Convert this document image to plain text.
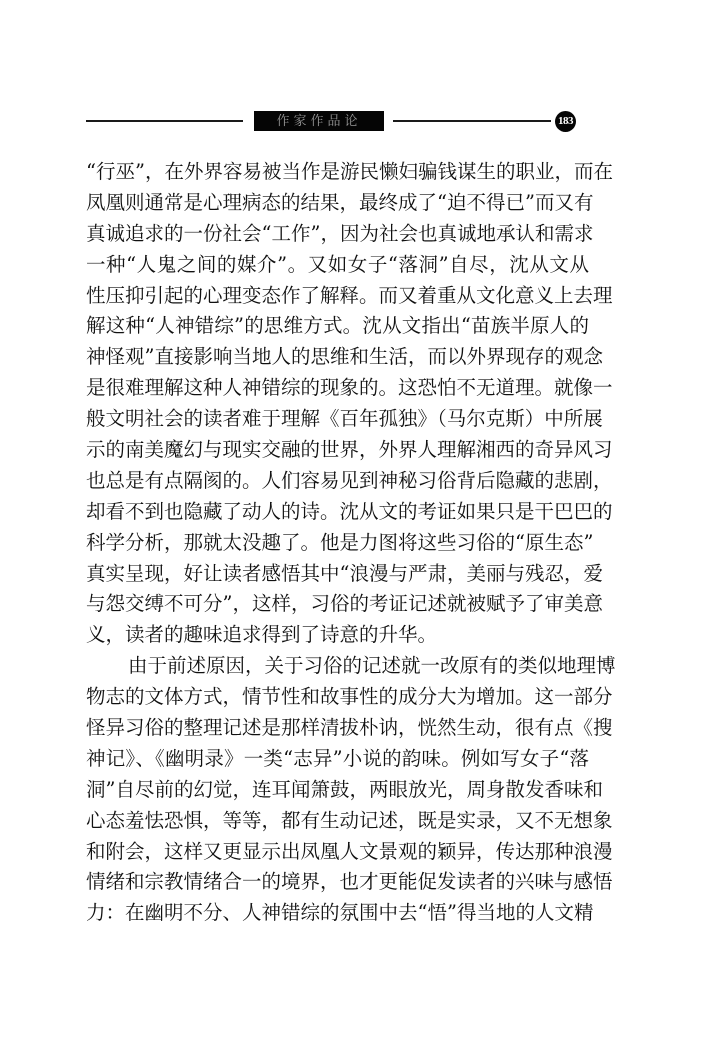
作家作品论	183
“行巫”，在外界容易被当作是游民懒妇骗钱谋生的职业，而在
凤凰则通常是心理病态的结果，最终成了“迫不得已”而又有
真诚追求的一份社会“工作”，因为社会也真诚地承认和需求
一种“人鬼之间的媒介”。又如女子“落洞”自尽，沈从文从
性压抑引起的心理变态作了解释。而又着重从文化意义上去理
解这种“人神错综”的思维方式。沈从文指出“苗族半原人的
神怪观”直接影响当地人的思维和生活，而以外界现存的观念
是很难理解这种人神错综的现象的。这恐怕不无道理。就像一
般文明社会的读者难于理解《百年孤独》（马尔克斯）中所展
示的南美魔幻与现实交融的世界，外界人理解湘西的奇异风习
也总是有点隔阂的。人们容易见到神秘习俗背后隐藏的悲剧，
却看不到也隐藏了动人的诗。沈从文的考证如果只是干巴巴的
科学分析，那就太没趣了。他是力图将这些习俗的“原生态”
真实呈现，好让读者感悟其中“浪漫与严肃，美丽与残忍，爱
与怨交缚不可分”，这样，习俗的考证记述就被赋予了审美意
义，读者的趣味追求得到了诗意的升华。
由于前述原因，关于习俗的记述就一改原有的类似地理博
物志的文体方式，情节性和故事性的成分大为增加。这一部分
怪异习俗的整理记述是那样清拔朴讷，恍然生动，很有点《搜
神记》、《幽明录》一类“志异”小说的韵味。例如写女子“落
洞”自尽前的幻觉，连耳闻箫鼓，两眼放光，周身散发香味和
心态羞怯恐惧，等等，都有生动记述，既是实录，又不无想象
和附会，这样又更显示出凤凰人文景观的颖异，传达那种浪漫
情绪和宗教情绪合一的境界，也才更能促发读者的兴味与感悟
力：在幽明不分、人神错综的氛围中去“悟”得当地的人文精
